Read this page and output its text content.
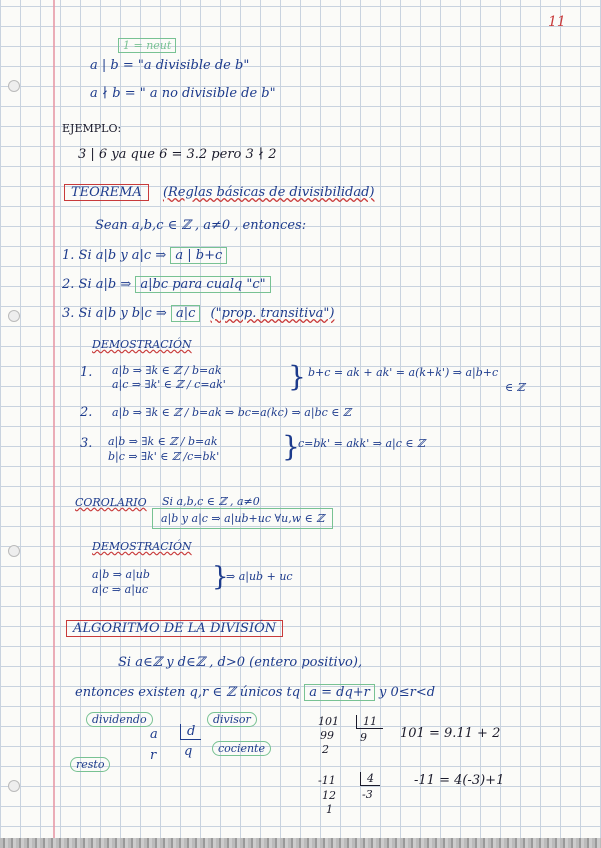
11
1 = neut
a | b = "a divisible de b"
a ∤ b = " a no divisible de b"
EJEMPLO:
3 | 6 ya que 6 = 3.2 pero 3 ∤ 2
TEOREMA (Reglas básicas de divisibilidad)
Sean a,b,c ∈ ℤ , a≠0 , entonces:
1. Si a|b y a|c ⇒ a | b+c
2. Si a|b ⇒ a|bc para cualq "c"
3. Si a|b y b|c ⇒ a|c ("prop. transitiva")
DEMOSTRACIÓN
1. a|b ⇒ ∃k ∈ ℤ / b=ak
a|c ⇒ ∃k' ∈ ℤ / c=ak' } b+c = ak + ak' = a(k+k') ⇒ a|b+c
∈ ℤ
2. a|b ⇒ ∃k ∈ ℤ / b=ak ⇒ bc=a(kc) ⇒ a|bc ∈ ℤ
3. a|b ⇒ ∃k ∈ ℤ / b=ak
b|c ⇒ ∃k' ∈ ℤ /c=bk' }
c=bk' = akk' ⇒ a|c ∈ ℤ
COROLARIO Si a,b,c ∈ ℤ , a≠0
a|b y a|c ⇒ a|ub+uc ∀u,w ∈ ℤ
DEMOSTRACIÓN
a|b ⇒ a|ub
a|c ⇒ a|uc }
⇒ a|ub + uc
ALGORITMO DE LA DIVISIÓN
Si a∈ℤ y d∈ℤ , d>0 (entero positivo),
entonces existen q,r ∈ ℤ únicos tq a = dq+r y 0≤r<d
dividendo	divisor
cociente
resto
a
r
d
q
101	11
99 9
2
101 = 9.11 + 2
-11	4
12 -3
1
-11 = 4(-3)+1
